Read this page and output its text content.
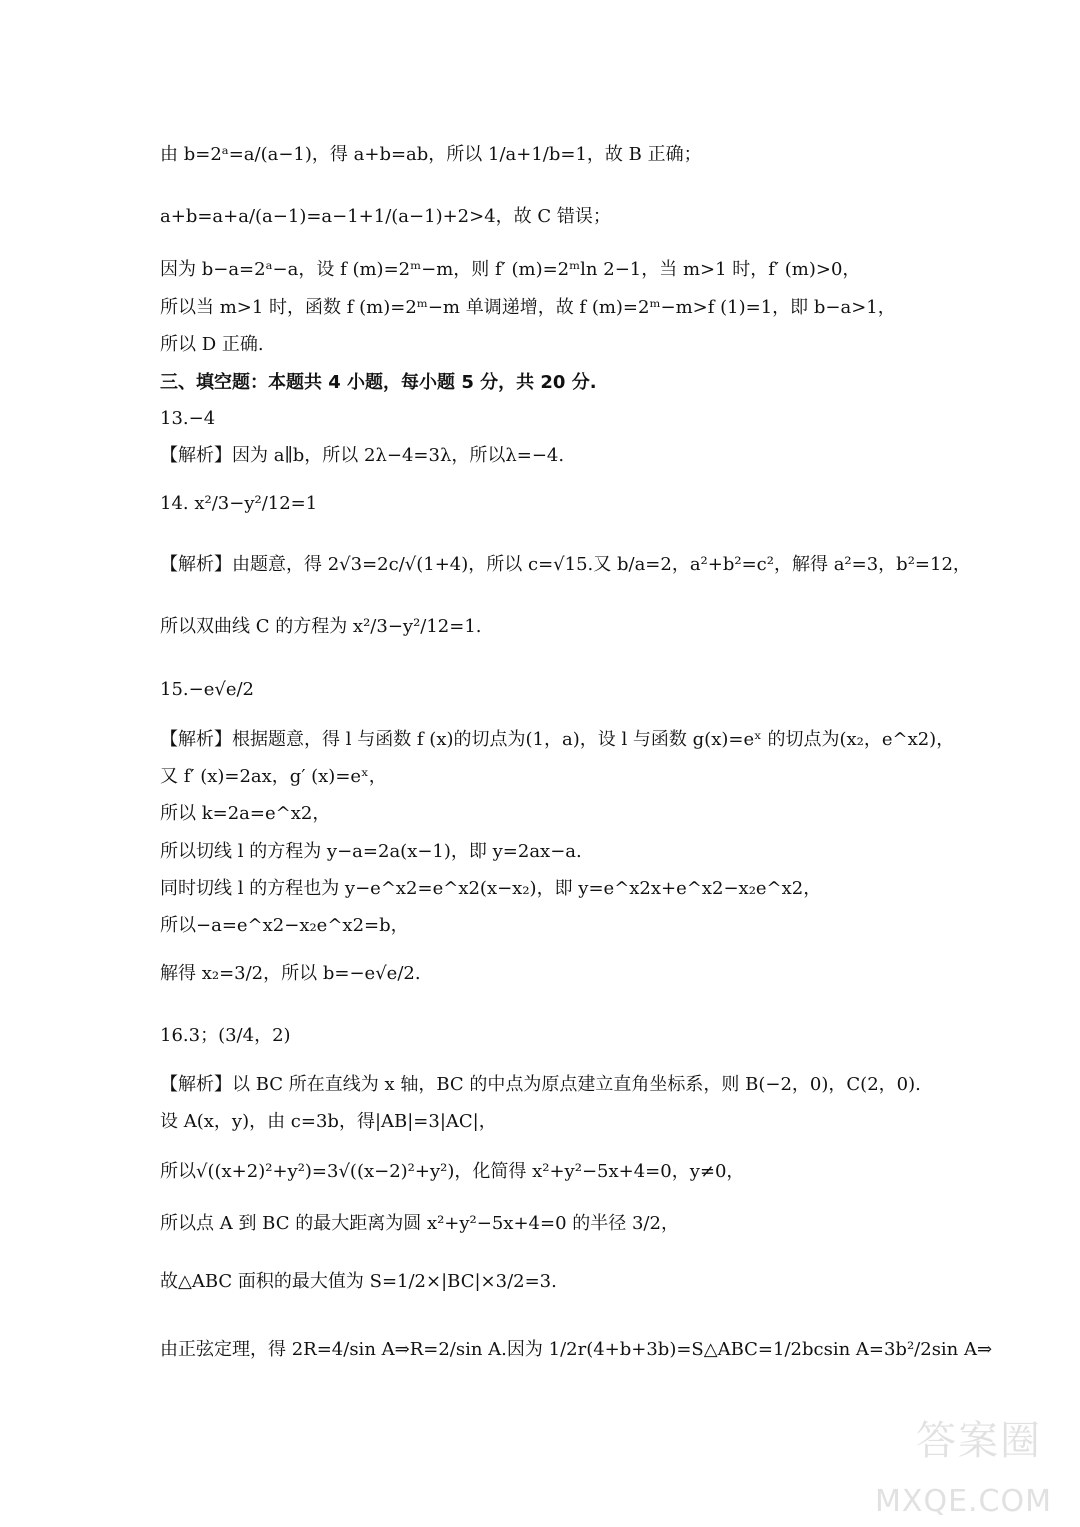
由 b=2ᵃ=a/(a−1)，得 a+b=ab，所以 1/a+1/b=1，故 B 正确；
a+b=a+a/(a−1)=a−1+1/(a−1)+2>4，故 C 错误；
因为 b−a=2ᵃ−a，设 f (m)=2ᵐ−m，则 f′ (m)=2ᵐln 2−1，当 m>1 时，f′ (m)>0，
所以当 m>1 时，函数 f (m)=2ᵐ−m 单调递增，故 f (m)=2ᵐ−m>f (1)=1，即 b−a>1，
所以 D 正确.
三、填空题：本题共 4 小题，每小题 5 分，共 20 分.
13.−4
【解析】因为 a∥b，所以 2λ−4=3λ，所以λ=−4.
14. x²/3−y²/12=1
【解析】由题意，得 2√3=2c/√(1+4)，所以 c=√15.又 b/a=2，a²+b²=c²，解得 a²=3，b²=12，
所以双曲线 C 的方程为 x²/3−y²/12=1.
15.−e√e/2
【解析】根据题意，得 l 与函数 f (x)的切点为(1，a)，设 l 与函数 g(x)=eˣ 的切点为(x₂，e^x2)，
又 f′ (x)=2ax，g′ (x)=eˣ，
所以 k=2a=e^x2，
所以切线 l 的方程为 y−a=2a(x−1)，即 y=2ax−a.
同时切线 l 的方程也为 y−e^x2=e^x2(x−x₂)，即 y=e^x2x+e^x2−x₂e^x2，
所以−a=e^x2−x₂e^x2=b，
解得 x₂=3/2，所以 b=−e√e/2.
16.3；(3/4，2)
【解析】以 BC 所在直线为 x 轴，BC 的中点为原点建立直角坐标系，则 B(−2，0)，C(2，0).
设 A(x，y)，由 c=3b，得|AB|=3|AC|，
所以√((x+2)²+y²)=3√((x−2)²+y²)，化简得 x²+y²−5x+4=0，y≠0，
所以点 A 到 BC 的最大距离为圆 x²+y²−5x+4=0 的半径 3/2，
故△ABC 面积的最大值为 S=1/2×|BC|×3/2=3.
由正弦定理，得 2R=4/sin A⇒R=2/sin A.因为 1/2r(4+b+3b)=S△ABC=1/2bcsin A=3b²/2sin A⇒
答案圈
MXQE.COM
